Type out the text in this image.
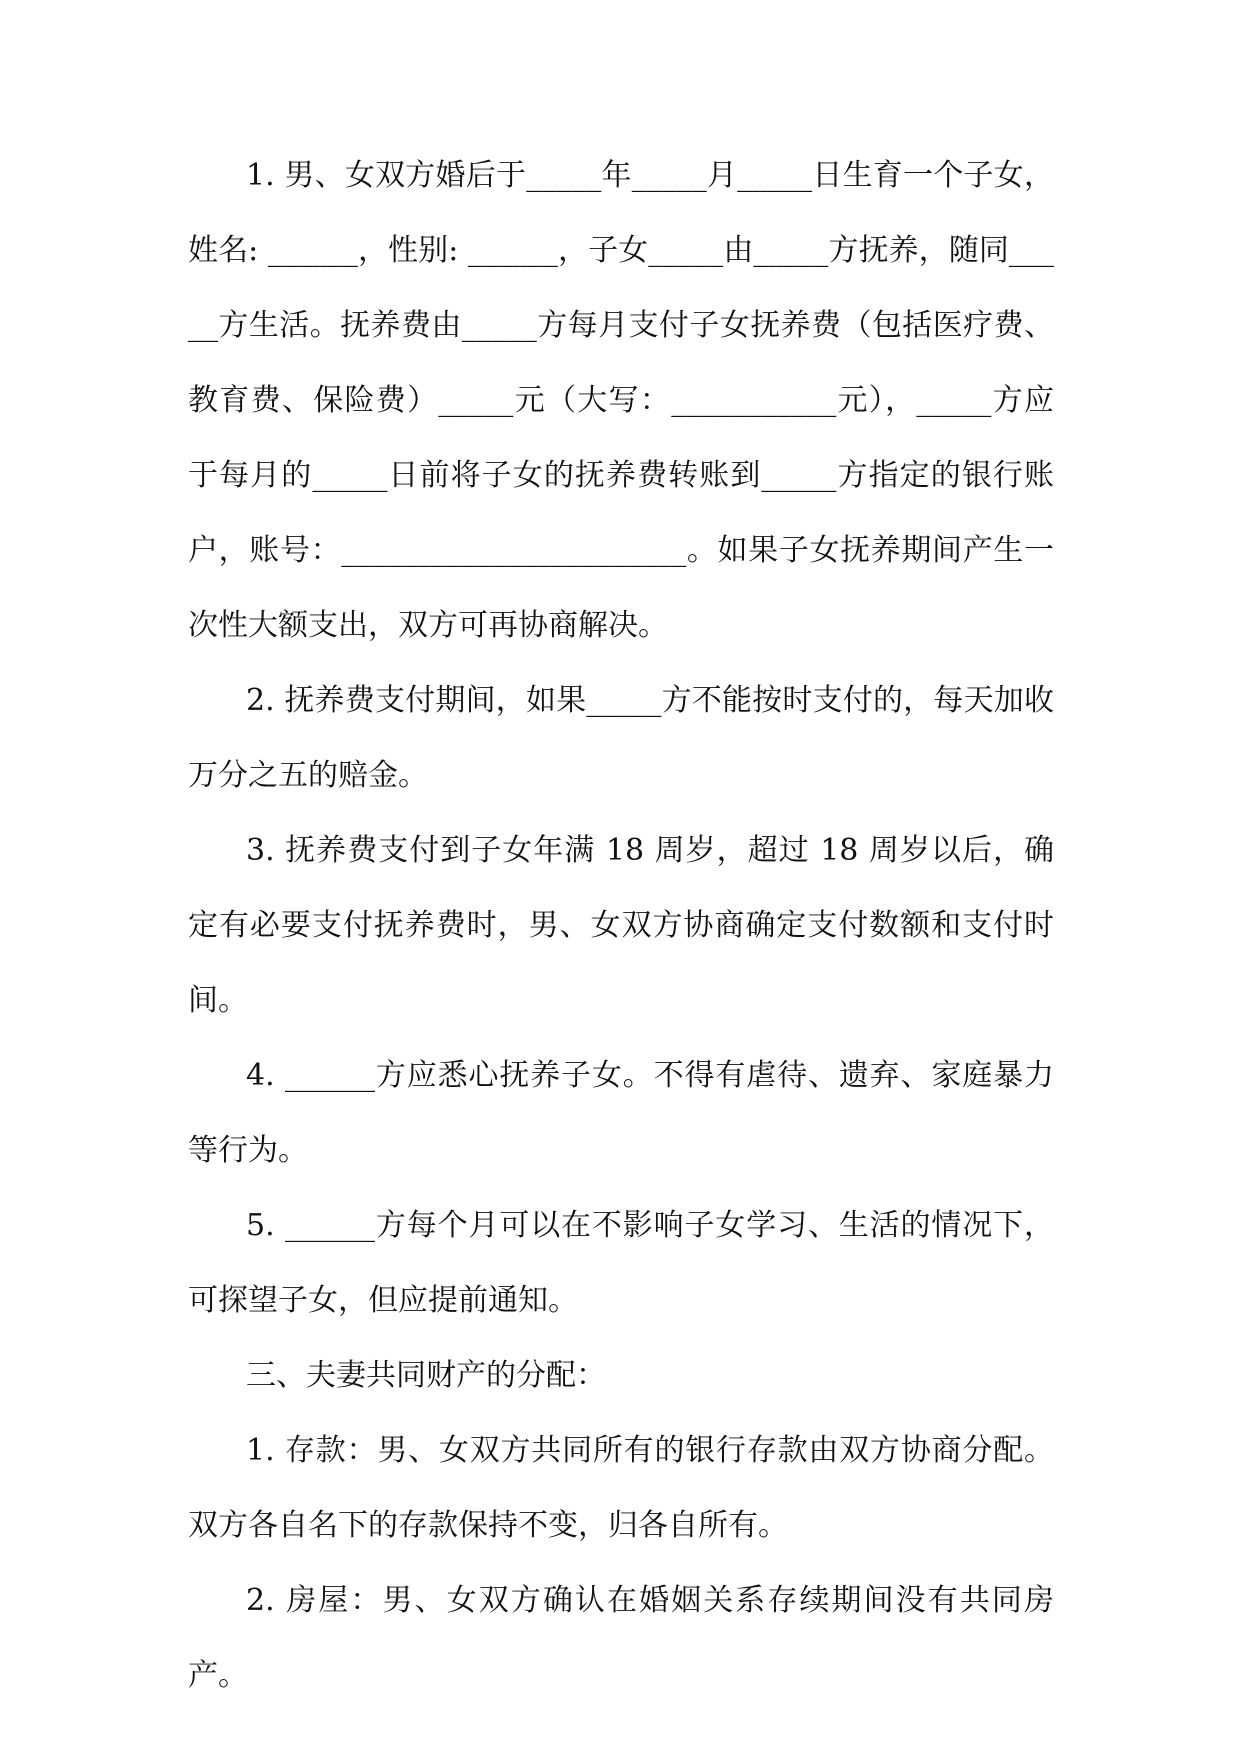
1. 男、女双方婚后于_____年_____月_____日生育一个子女，姓名: ______，性别: ______，子女_____由_____方抚养，随同_____方生活。抚养费由_____方每月支付子女抚养费（包括医疗费、教育费、保险费）_____元（大写：___________元），_____方应于每月的_____日前将子女的抚养费转账到_____方指定的银行账户，账号：_______________________。如果子女抚养期间产生一次性大额支出，双方可再协商解决。

2. 抚养费支付期间，如果_____方不能按时支付的，每天加收万分之五的赔金。

3. 抚养费支付到子女年满 18 周岁，超过 18 周岁以后，确定有必要支付抚养费时，男、女双方协商确定支付数额和支付时间。

4. ______方应悉心抚养子女。不得有虐待、遗弃、家庭暴力等行为。

5. ______方每个月可以在不影响子女学习、生活的情况下，可探望子女，但应提前通知。

三、夫妻共同财产的分配：

1. 存款：男、女双方共同所有的银行存款由双方协商分配。双方各自名下的存款保持不变，归各自所有。

2. 房屋：男、女双方确认在婚姻关系存续期间没有共同房产。
